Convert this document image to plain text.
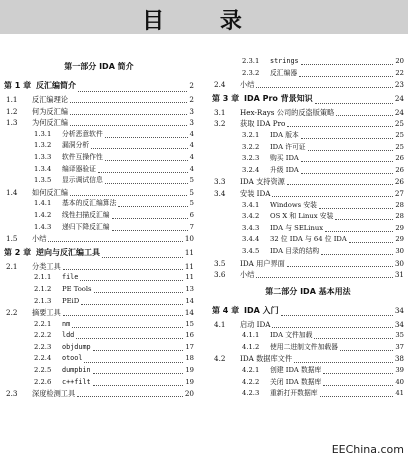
目 录
第一部分 IDA 简介
第 1 章 反汇编简介	2
1.1 反汇编理论	2
1.2 何为反汇编	3
1.3 为何反汇编	3
1.3.1 分析恶意软件	4
1.3.2 漏洞分析	4
1.3.3 软件互操作性	4
1.3.4 编译器验证	4
1.3.5 显示调试信息	5
1.4 如何反汇编	5
1.4.1 基本的反汇编算法	5
1.4.2 线性扫描反汇编	6
1.4.3 递归下降反汇编	7
1.5 小结	10
第 2 章 逆向与反汇编工具	11
2.1 分类工具	11
2.1.1 file	11
2.1.2 PE Tools	13
2.1.3 PEiD	14
2.2 摘要工具	14
2.2.1 nm	15
2.2.2 ldd	16
2.2.3 objdump	17
2.2.4 otool	18
2.2.5 dumpbin	19
2.2.6 c++filt	19
2.3 深度检测工具	20
2.3.1 strings	20
2.3.2 反汇编器	22
2.4 小结	23
第 3 章 IDA Pro 背景知识	24
3.1 Hex-Rays 公司的反盗版策略	24
3.2 获取 IDA Pro	25
3.2.1 IDA 版本	25
3.2.2 IDA 许可证	25
3.2.3 购买 IDA	26
3.2.4 升级 IDA	26
3.3 IDA 支持资源	26
3.4 安装 IDA	27
3.4.1 Windows 安装	28
3.4.2 OS X 和 Linux 安装	28
3.4.3 IDA 与 SELinux	29
3.4.4 32 位 IDA 与 64 位 IDA	29
3.4.5 IDA 目录的结构	30
3.5 IDA 用户界面	30
3.6 小结	31
第二部分 IDA 基本用法
第 4 章 IDA 入门	34
4.1 启动 IDA	34
4.1.1 IDA 文件加载	35
4.1.2 使用二进制文件加载器	37
4.2 IDA 数据库文件	38
4.2.1 创建 IDA 数据库	39
4.2.2 关闭 IDA 数据库	40
4.2.3 重新打开数据库	41
EEChina.com
